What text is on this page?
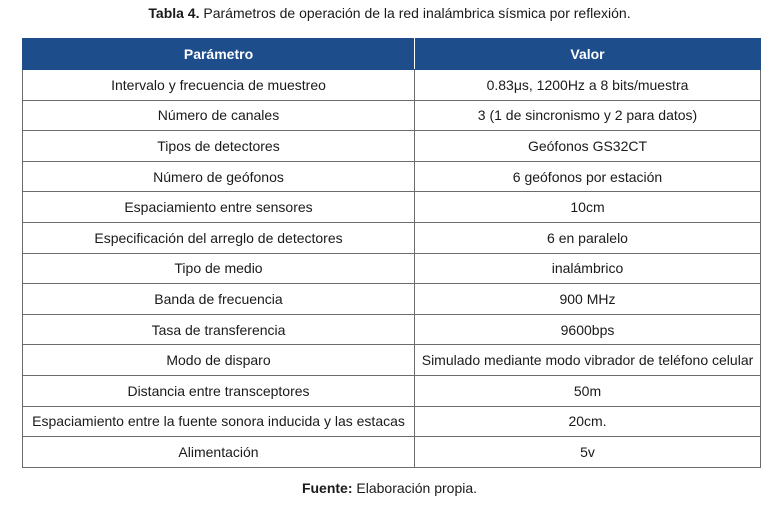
Tabla 4. Parámetros de operación de la red inalámbrica sísmica por reflexión.
Parámetro	Valor
Intervalo y frecuencia de muestreo	0.83μs, 1200Hz a 8 bits/muestra
Número de canales	3 (1 de sincronismo y 2 para datos)
Tipos de detectores	Geófonos GS32CT
Número de geófonos	6 geófonos por estación
Espaciamiento entre sensores	10cm
Especificación del arreglo de detectores	6 en paralelo
Tipo de medio	inalámbrico
Banda de frecuencia	900 MHz
Tasa de transferencia	9600bps
Modo de disparo	Simulado mediante modo vibrador de teléfono celular
Distancia entre transceptores	50m
Espaciamiento entre la fuente sonora inducida y las estacas	20cm.
Alimentación	5v
Fuente: Elaboración propia.
